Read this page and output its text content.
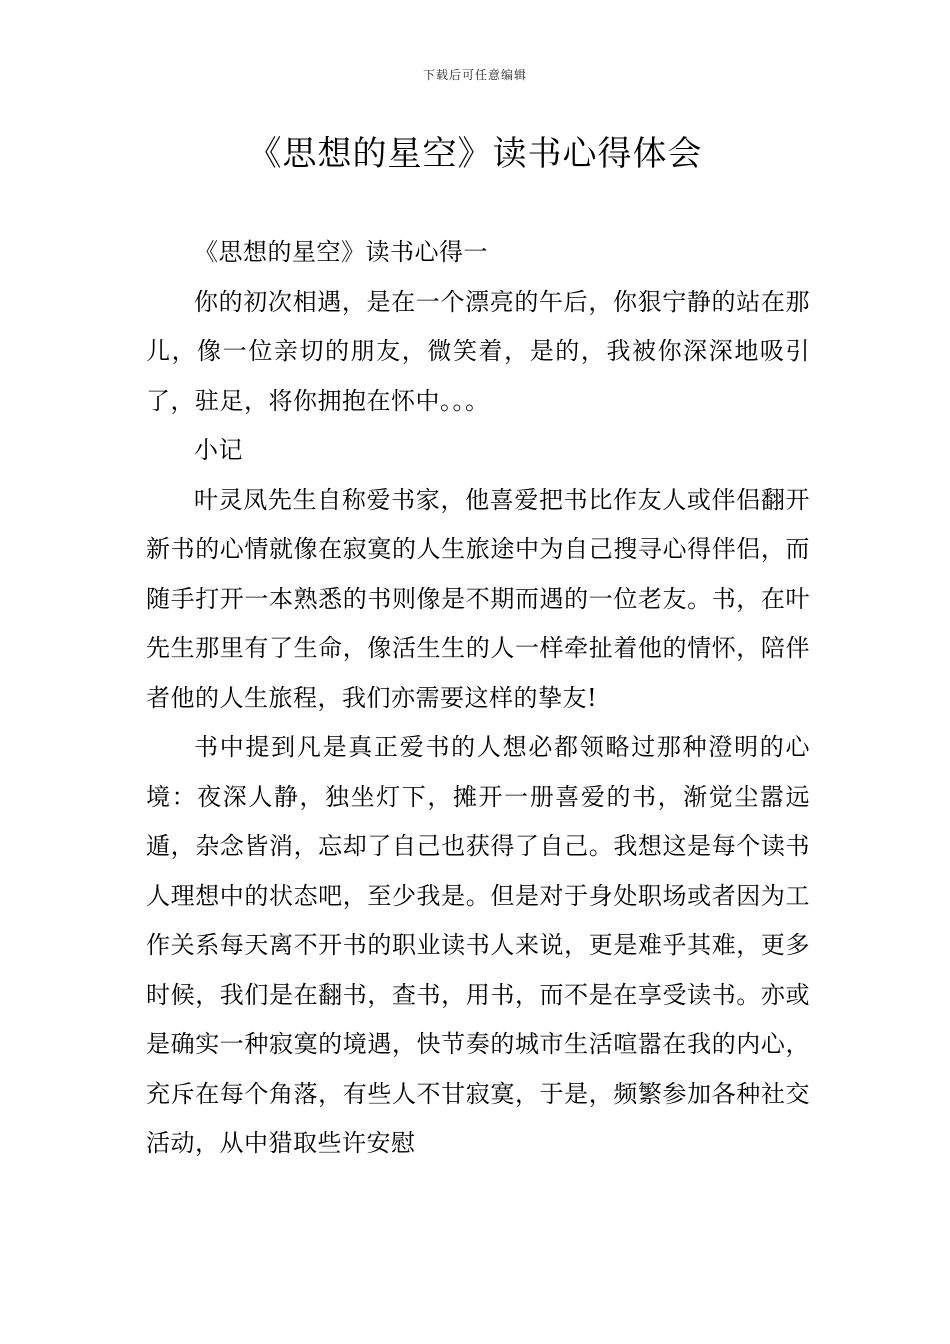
下载后可任意编辑
《思想的星空》读书心得体会

《思想的星空》读书心得一

你的初次相遇，是在一个漂亮的午后，你狠宁静的站在那儿，像一位亲切的朋友，微笑着，是的，我被你深深地吸引了，驻足，将你拥抱在怀中。。。

小记

叶灵凤先生自称爱书家，他喜爱把书比作友人或伴侣翻开新书的心情就像在寂寞的人生旅途中为自己搜寻心得伴侣，而随手打开一本熟悉的书则像是不期而遇的一位老友。书，在叶先生那里有了生命，像活生生的人一样牵扯着他的情怀，陪伴者他的人生旅程，我们亦需要这样的挚友!

书中提到凡是真正爱书的人想必都领略过那种澄明的心境：夜深人静，独坐灯下，摊开一册喜爱的书，渐觉尘嚣远遁，杂念皆消，忘却了自己也获得了自己。我想这是每个读书人理想中的状态吧，至少我是。但是对于身处职场或者因为工作关系每天离不开书的职业读书人来说，更是难乎其难，更多时候，我们是在翻书，查书，用书，而不是在享受读书。亦或是确实一种寂寞的境遇，快节奏的城市生活喧嚣在我的内心，充斥在每个角落，有些人不甘寂寞，于是，频繁参加各种社交活动，从中猎取些许安慰
